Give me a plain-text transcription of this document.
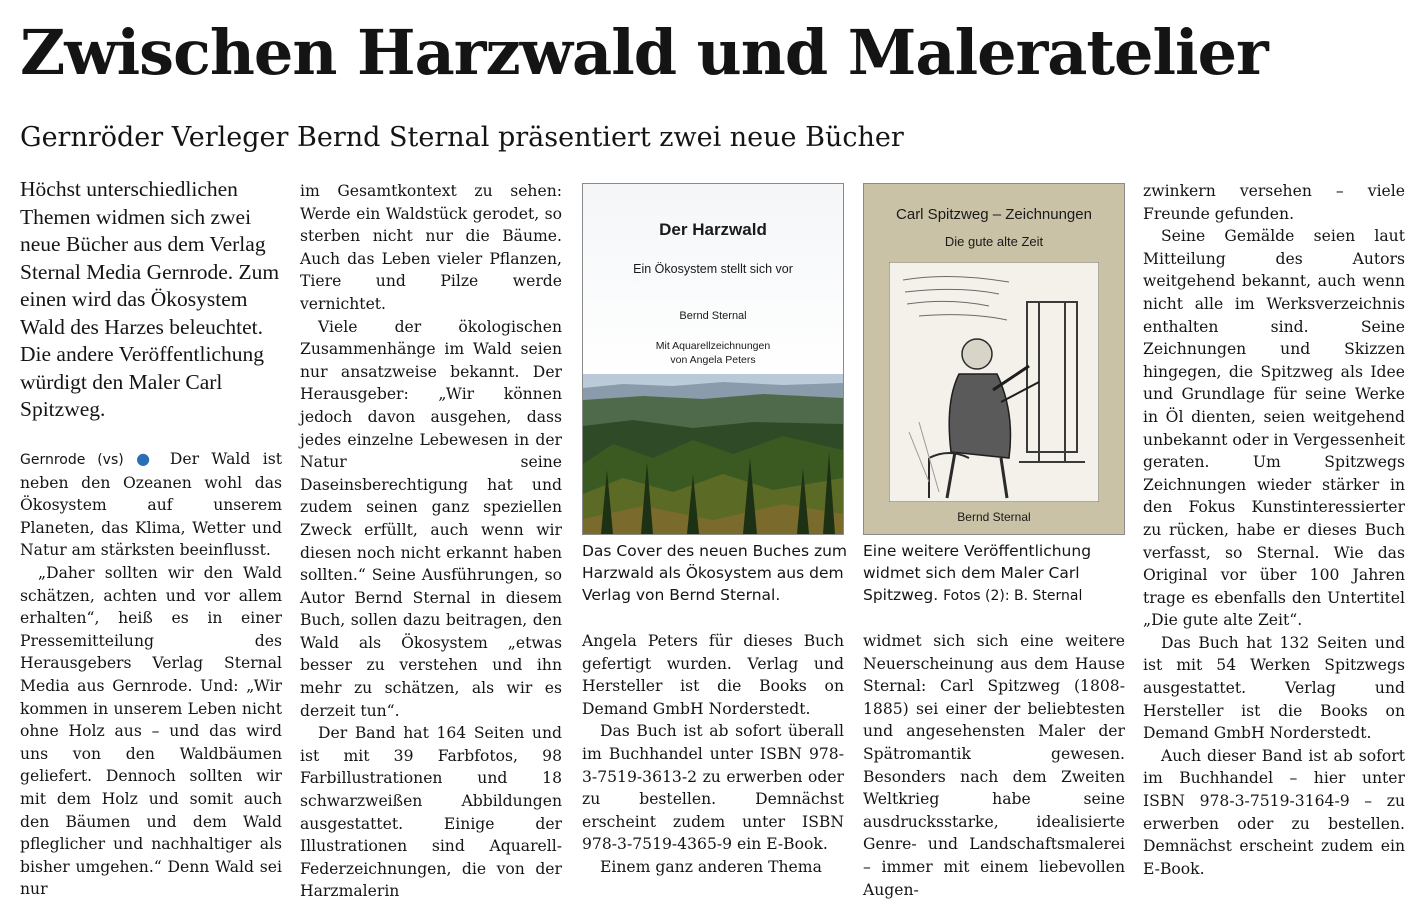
Zwischen Harzwald und Maleratelier
Gernröder Verleger Bernd Sternal präsentiert zwei neue Bücher

Höchst unterschiedlichen Themen widmen sich zwei neue Bücher aus dem Verlag Sternal Media Gernrode. Zum einen wird das Ökosystem Wald des Harzes beleuchtet. Die andere Veröffentlichung würdigt den Maler Carl Spitzweg.

Gernrode (vs) ● Der Wald ist neben den Ozeanen wohl das Ökosystem auf unserem Planeten, das Klima, Wetter und Natur am stärksten beeinflusst.

„Daher sollten wir den Wald schätzen, achten und vor allem erhalten“, heiß es in einer Pressemitteilung des Herausgebers Verlag Sternal Media aus Gernrode. Und: „Wir kommen in unserem Leben nicht ohne Holz aus – und das wird uns von den Waldbäumen geliefert. Dennoch sollten wir mit dem Holz und somit auch den Bäumen und dem Wald pfleglicher und nachhaltiger als bisher umgehen.“ Denn Wald sei nur

im Gesamtkontext zu sehen: Werde ein Waldstück gerodet, so sterben nicht nur die Bäume. Auch das Leben vieler Pflanzen, Tiere und Pilze werde vernichtet.

Viele der ökologischen Zusammenhänge im Wald seien nur ansatzweise bekannt. Der Herausgeber: „Wir können jedoch davon ausgehen, dass jedes einzelne Lebewesen in der Natur seine Daseinsberechtigung hat und zudem seinen ganz speziellen Zweck erfüllt, auch wenn wir diesen noch nicht erkannt haben sollten.“ Seine Ausführungen, so Autor Bernd Sternal in diesem Buch, sollen dazu beitragen, den Wald als Ökosystem „etwas besser zu verstehen und ihn mehr zu schätzen, als wir es derzeit tun“.

Der Band hat 164 Seiten und ist mit 39 Farbfotos, 98 Farbillustrationen und 18 schwarzweißen Abbildungen ausgestattet. Einige der Illustrationen sind Aquarell-Federzeichnungen, die von der Harzmalerin

Der Harzwald
Ein Ökosystem stellt sich vor
Bernd Sternal
Mit Aquarellzeichnungen
von Angela Peters

Das Cover des neuen Buches zum Harzwald als Ökosystem aus dem Verlag von Bernd Sternal.

Carl Spitzweg – Zeichnungen
Die gute alte Zeit
Bernd Sternal

Eine weitere Veröffentlichung widmet sich dem Maler Carl Spitzweg. Fotos (2): B. Sternal

Angela Peters für dieses Buch gefertigt wurden. Verlag und Hersteller ist die Books on Demand GmbH Norderstedt.

Das Buch ist ab sofort überall im Buchhandel unter ISBN 978-3-7519-3613-2 zu erwerben oder zu bestellen. Demnächst erscheint zudem unter ISBN 978-3-7519-4365-9 ein E-Book.

Einem ganz anderen Thema

widmet sich sich eine weitere Neuerscheinung aus dem Hause Sternal: Carl Spitzweg (1808-1885) sei einer der beliebtesten und angesehensten Maler der Spätromantik gewesen. Besonders nach dem Zweiten Weltkrieg habe seine ausdrucksstarke, idealisierte Genre- und Landschaftsmalerei – immer mit einem liebevollen Augen-

zwinkern versehen – viele Freunde gefunden.

Seine Gemälde seien laut Mitteilung des Autors weitgehend bekannt, auch wenn nicht alle im Werksverzeichnis enthalten sind. Seine Zeichnungen und Skizzen hingegen, die Spitzweg als Idee und Grundlage für seine Werke in Öl dienten, seien weitgehend unbekannt oder in Vergessenheit geraten. Um Spitzwegs Zeichnungen wieder stärker in den Fokus Kunstinteressierter zu rücken, habe er dieses Buch verfasst, so Sternal. Wie das Original vor über 100 Jahren trage es ebenfalls den Untertitel „Die gute alte Zeit“.

Das Buch hat 132 Seiten und ist mit 54 Werken Spitzwegs ausgestattet. Verlag und Hersteller ist die Books on Demand GmbH Norderstedt.

Auch dieser Band ist ab sofort im Buchhandel – hier unter ISBN 978-3-7519-3164-9 – zu erwerben oder zu bestellen. Demnächst erscheint zudem ein E-Book.
